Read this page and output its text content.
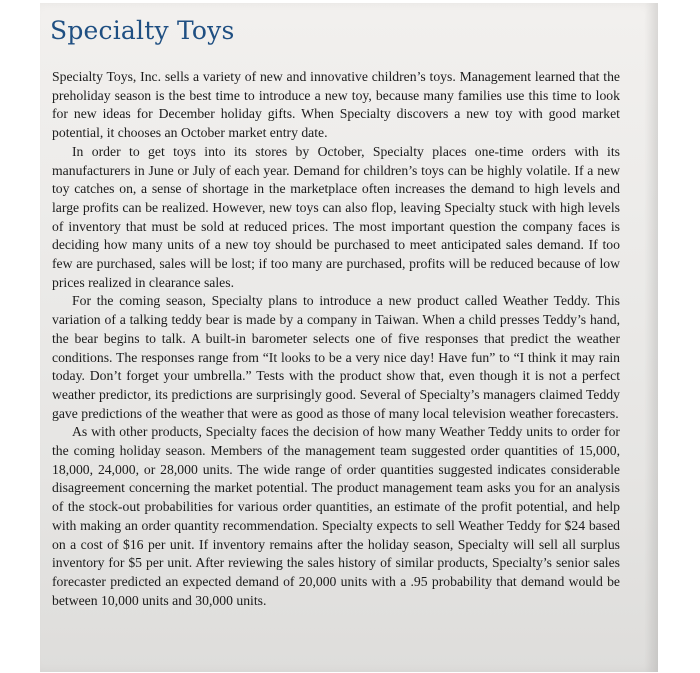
Specialty Toys

Specialty Toys, Inc. sells a variety of new and innovative children’s toys. Management learned that the preholiday season is the best time to introduce a new toy, because many families use this time to look for new ideas for December holiday gifts. When Specialty discovers a new toy with good market potential, it chooses an October market entry date.

In order to get toys into its stores by October, Specialty places one-time orders with its manufacturers in June or July of each year. Demand for children’s toys can be highly volatile. If a new toy catches on, a sense of shortage in the marketplace often increases the demand to high levels and large profits can be realized. However, new toys can also flop, leaving Specialty stuck with high levels of inventory that must be sold at reduced prices. The most important question the company faces is deciding how many units of a new toy should be purchased to meet anticipated sales demand. If too few are purchased, sales will be lost; if too many are purchased, profits will be reduced because of low prices realized in clearance sales.

For the coming season, Specialty plans to introduce a new product called Weather Teddy. This variation of a talking teddy bear is made by a company in Taiwan. When a child presses Teddy’s hand, the bear begins to talk. A built-in barometer selects one of five responses that predict the weather conditions. The responses range from “It looks to be a very nice day! Have fun” to “I think it may rain today. Don’t forget your umbrella.” Tests with the product show that, even though it is not a perfect weather predictor, its predictions are surprisingly good. Several of Specialty’s managers claimed Teddy gave predictions of the weather that were as good as those of many local television weather forecasters.

As with other products, Specialty faces the decision of how many Weather Teddy units to order for the coming holiday season. Members of the management team suggested order quantities of 15,000, 18,000, 24,000, or 28,000 units. The wide range of order quantities suggested indicates considerable disagreement concerning the market potential. The product management team asks you for an analysis of the stock-out probabilities for various order quantities, an estimate of the profit potential, and help with making an order quantity recommendation. Specialty expects to sell Weather Teddy for $24 based on a cost of $16 per unit. If inventory remains after the holiday season, Specialty will sell all surplus inventory for $5 per unit. After reviewing the sales history of similar products, Specialty’s senior sales forecaster predicted an expected demand of 20,000 units with a .95 probability that demand would be between 10,000 units and 30,000 units.
